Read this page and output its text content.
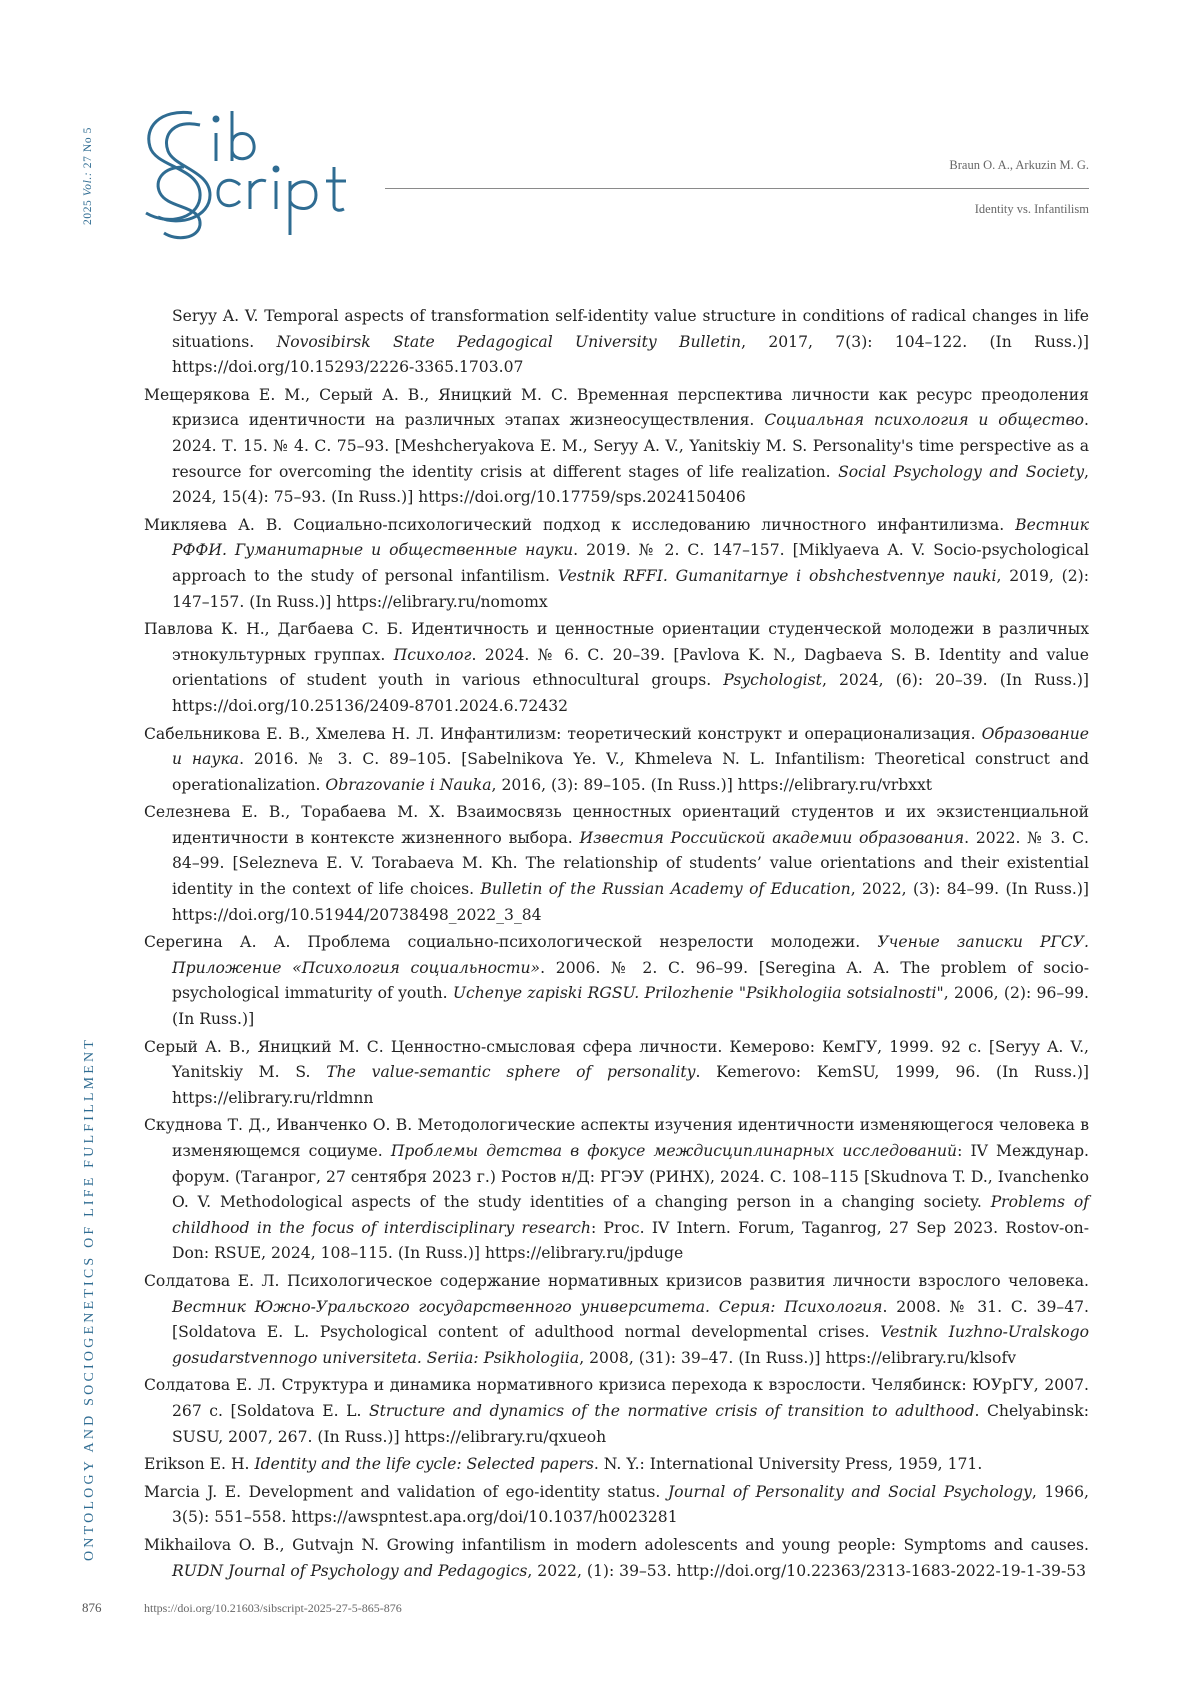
2025 Vol.: 27 No 5	Braun O. A., Arkuzin M. G.
Identity vs. Infantilism

Seryy A. V. Temporal aspects of transformation self-identity value structure in conditions of radical changes in life situations. Novosibirsk State Pedagogical University Bulletin, 2017, 7(3): 104–122. (In Russ.)] https://doi.org/10.15293/2226-3365.1703.07

Мещерякова Е. М., Серый А. В., Яницкий М. С. Временная перспектива личности как ресурс преодоления кризиса идентичности на различных этапах жизнеосуществления. Социальная психология и общество. 2024. Т. 15. № 4. С. 75–93. [Meshcheryakova E. M., Seryy A. V., Yanitskiy M. S. Personality's time perspective as a resource for overcoming the identity crisis at different stages of life realization. Social Psychology and Society, 2024, 15(4): 75–93. (In Russ.)] https://doi.org/10.17759/sps.2024150406

Микляева А. В. Социально-психологический подход к исследованию личностного инфантилизма. Вестник РФФИ. Гуманитарные и общественные науки. 2019. № 2. С. 147–157. [Miklyaeva A. V. Socio-psychological approach to the study of personal infantilism. Vestnik RFFI. Gumanitarnye i obshchestvennye nauki, 2019, (2): 147–157. (In Russ.)] https://elibrary.ru/nomomx

Павлова К. Н., Дагбаева С. Б. Идентичность и ценностные ориентации студенческой молодежи в различных этнокультурных группах. Психолог. 2024. № 6. С. 20–39. [Pavlova K. N., Dagbaeva S. B. Identity and value orientations of student youth in various ethnocultural groups. Psychologist, 2024, (6): 20–39. (In Russ.)] https://doi.org/10.25136/2409-8701.2024.6.72432

Сабельникова Е. В., Хмелева Н. Л. Инфантилизм: теоретический конструкт и операционализация. Образование и наука. 2016. № 3. С. 89–105. [Sabelnikova Ye. V., Khmeleva N. L. Infantilism: Theoretical construct and operationalization. Obrazovanie i Nauka, 2016, (3): 89–105. (In Russ.)] https://elibrary.ru/vrbxxt

Селезнева Е. В., Торабаева М. Х. Взаимосвязь ценностных ориентаций студентов и их экзистенциальной идентичности в контексте жизненного выбора. Известия Российской академии образования. 2022. № 3. С. 84–99. [Selezneva E. V. Torabaeva M. Kh. The relationship of students’ value orientations and their existential identity in the context of life choices. Bulletin of the Russian Academy of Education, 2022, (3): 84–99. (In Russ.)] https://doi.org/10.51944/20738498_2022_3_84

Серегина А. А. Проблема социально-психологической незрелости молодежи. Ученые записки РГСУ. Приложение «Психология социальности». 2006. № 2. С. 96–99. [Seregina A. A. The problem of socio-psychological immaturity of youth. Uchenye zapiski RGSU. Prilozhenie "Psikhologiia sotsialnosti", 2006, (2): 96–99. (In Russ.)]

Серый А. В., Яницкий М. С. Ценностно-смысловая сфера личности. Кемерово: КемГУ, 1999. 92 с. [Seryy A. V., Yanitskiy M. S. The value-semantic sphere of personality. Kemerovo: KemSU, 1999, 96. (In Russ.)] https://elibrary.ru/rldmnn

Скуднова Т. Д., Иванченко О. В. Методологические аспекты изучения идентичности изменяющегося человека в изменяющемся социуме. Проблемы детства в фокусе междисциплинарных исследований: IV Междунар. форум. (Таганрог, 27 сентября 2023 г.) Ростов н/Д: РГЭУ (РИНХ), 2024. С. 108–115 [Skudnova T. D., Ivanchenko O. V. Methodological aspects of the study identities of a changing person in a changing society. Problems of childhood in the focus of interdisciplinary research: Proc. IV Intern. Forum, Taganrog, 27 Sep 2023. Rostov-on-Don: RSUE, 2024, 108–115. (In Russ.)] https://elibrary.ru/jpduge

Солдатова Е. Л. Психологическое содержание нормативных кризисов развития личности взрослого человека. Вестник Южно-Уральского государственного университета. Серия: Психология. 2008. № 31. С. 39–47. [Soldatova E. L. Psychological content of adulthood normal developmental crises. Vestnik Iuzhno-Uralskogo gosudarstvennogo universiteta. Seriia: Psikhologiia, 2008, (31): 39–47. (In Russ.)] https://elibrary.ru/klsofv

Солдатова Е. Л. Структура и динамика нормативного кризиса перехода к взрослости. Челябинск: ЮУрГУ, 2007. 267 с. [Soldatova E. L. Structure and dynamics of the normative crisis of transition to adulthood. Chelyabinsk: SUSU, 2007, 267. (In Russ.)] https://elibrary.ru/qxueoh

Erikson E. H. Identity and the life cycle: Selected papers. N. Y.: International University Press, 1959, 171.

Marcia J. E. Development and validation of ego-identity status. Journal of Personality and Social Psychology, 1966, 3(5): 551–558. https://awspntest.apa.org/doi/10.1037/h0023281

Mikhailova O. B., Gutvajn N. Growing infantilism in modern adolescents and young people: Symptoms and causes. RUDN Journal of Psychology and Pedagogics, 2022, (1): 39–53. http://doi.org/10.22363/2313-1683-2022-19-1-39-53

ONTOLOGY AND SOCIOGENETICS OF LIFE FULFILLMENT
876	https://doi.org/10.21603/sibscript-2025-27-5-865-876
